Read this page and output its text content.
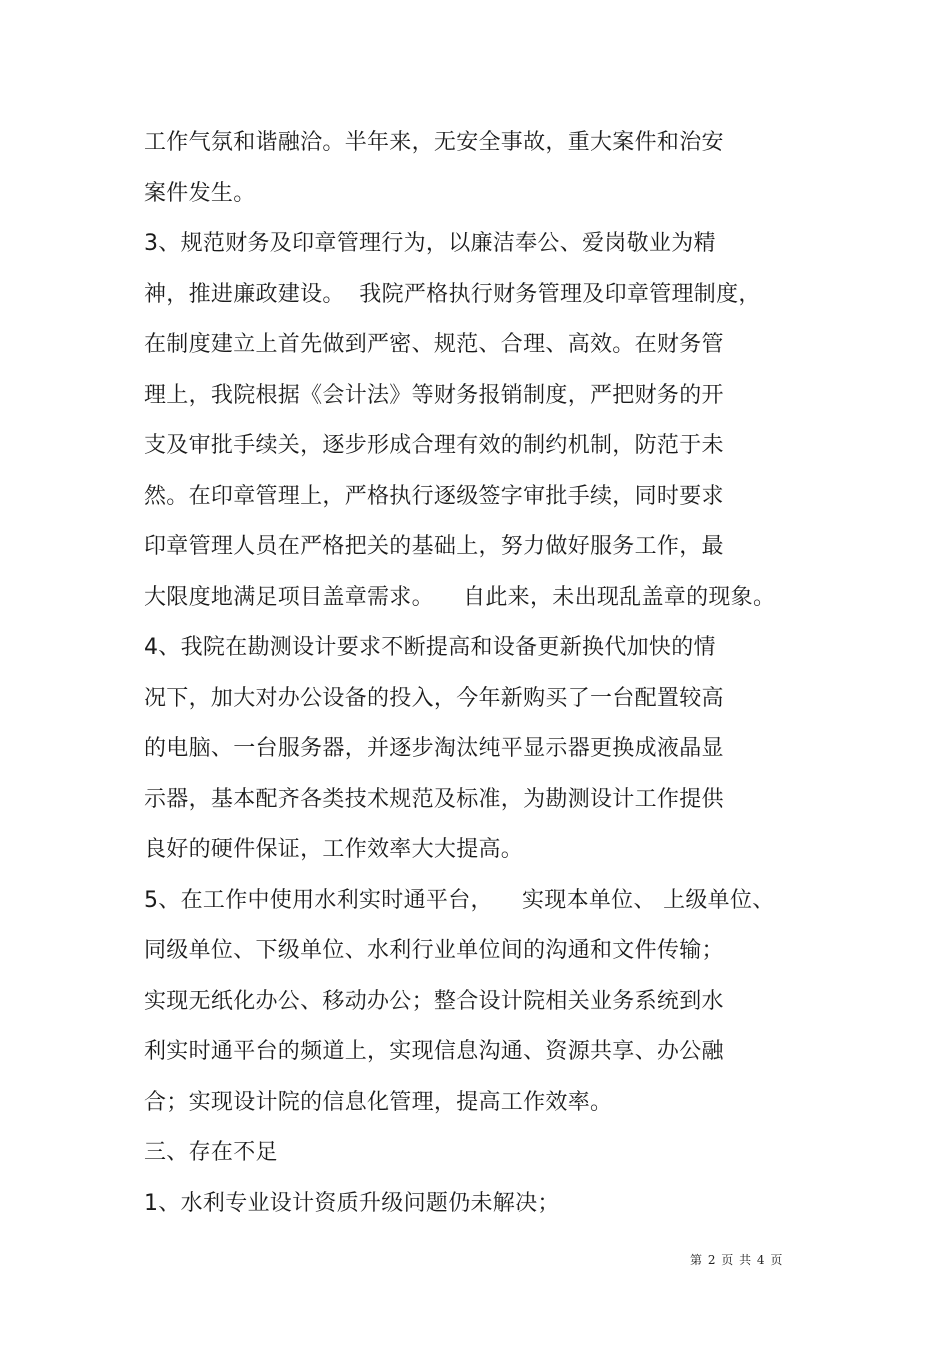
工作气氛和谐融洽。半年来，无安全事故，重大案件和治安
案件发生。
3、规范财务及印章管理行为，以廉洁奉公、爱岗敬业为精
神，推进廉政建设。  我院严格执行财务管理及印章管理制度，
在制度建立上首先做到严密、规范、合理、高效。在财务管
理上，我院根据《会计法》等财务报销制度，严把财务的开
支及审批手续关，逐步形成合理有效的制约机制，防范于未
然。在印章管理上，严格执行逐级签字审批手续，同时要求
印章管理人员在严格把关的基础上，努力做好服务工作，最
大限度地满足项目盖章需求。    自此来，未出现乱盖章的现象。
4、我院在勘测设计要求不断提高和设备更新换代加快的情
况下，加大对办公设备的投入，今年新购买了一台配置较高
的电脑、一台服务器，并逐步淘汰纯平显示器更换成液晶显
示器，基本配齐各类技术规范及标准，为勘测设计工作提供
良好的硬件保证，工作效率大大提高。
5、在工作中使用水利实时通平台，    实现本单位、 上级单位、
同级单位、下级单位、水利行业单位间的沟通和文件传输；
实现无纸化办公、移动办公；整合设计院相关业务系统到水
利实时通平台的频道上，实现信息沟通、资源共享、办公融
合；实现设计院的信息化管理，提高工作效率。
三、存在不足
1、水利专业设计资质升级问题仍未解决；
第 2 页 共 4 页
